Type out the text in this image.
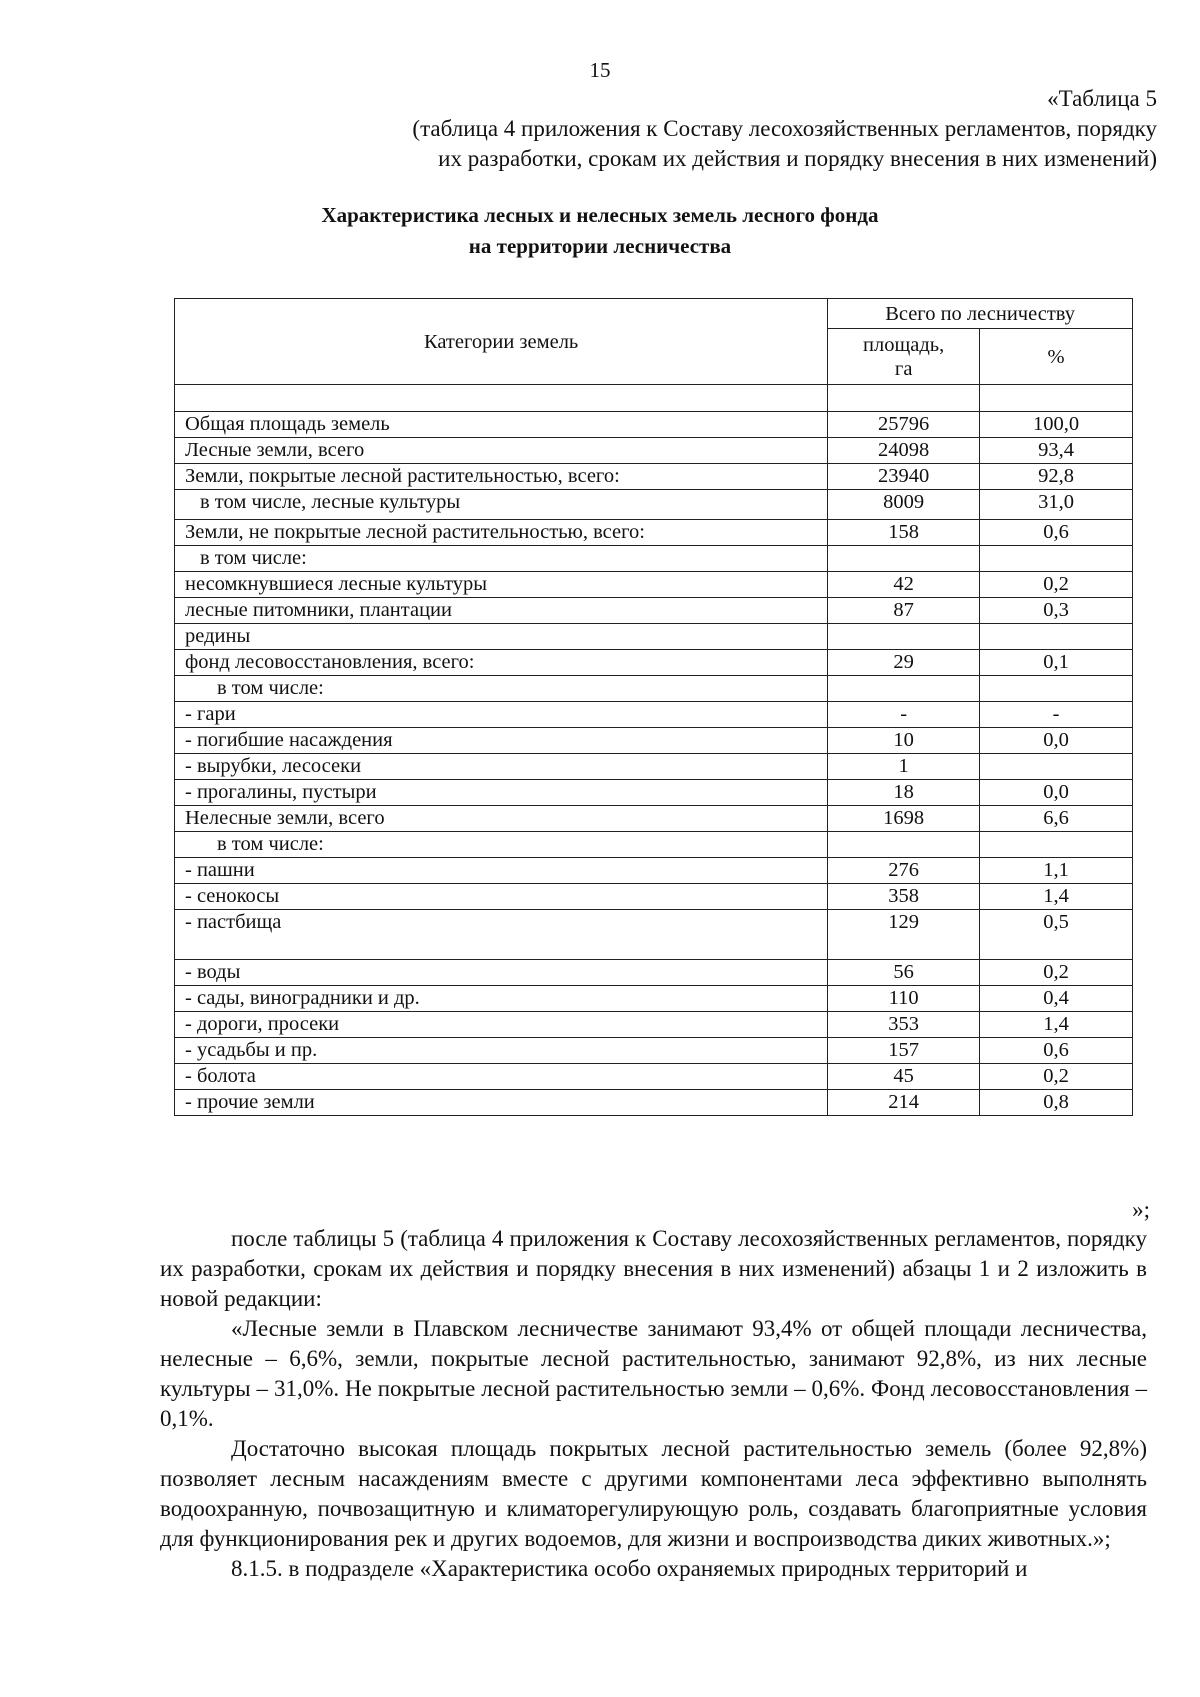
15
«Таблица 5
(таблица 4 приложения к Составу лесохозяйственных регламентов, порядку
их разработки, срокам их действия и порядку внесения в них изменений)
Характеристика лесных и нелесных земель лесного фонда
на территории лесничества
Категории земель	Всего по лесничеству	

	площадь,
га	%

Общая площадь земель	25796	100,0
Лесные земли, всего	24098	93,4
Земли, покрытые лесной растительностью, всего:	23940	92,8
в том числе, лесные культуры	8009	31,0
Земли, не покрытые лесной растительностью, всего:	158	0,6
в том числе:		
несомкнувшиеся лесные культуры	42	0,2
лесные питомники, плантации	87	0,3
редины		
фонд лесовосстановления, всего:	29	0,1
в том числе:		
- гари	-	-
- погибшие насаждения	10	0,0
- вырубки, лесосеки	1	
- прогалины, пустыри	18	0,0
Нелесные земли, всего	1698	6,6
в том числе:		
- пашни	276	1,1
- сенокосы	358	1,4
- пастбища	129	0,5
- воды	56	0,2
- сады, виноградники и др.	110	0,4
- дороги, просеки	353	1,4
- усадьбы и пр.	157	0,6
- болота	45	0,2
- прочие земли	214	0,8
»;

после таблицы 5 (таблица 4 приложения к Составу лесохозяйственных регламентов, порядку их разработки, срокам их действия и порядку внесения в них изменений) абзацы 1 и 2 изложить в новой редакции:

«Лесные земли в Плавском лесничестве занимают 93,4% от общей площади лесничества, нелесные – 6,6%, земли, покрытые лесной растительностью, занимают 92,8%, из них лесные культуры – 31,0%. Не покрытые лесной растительностью земли – 0,6%. Фонд лесовосстановления – 0,1%.

Достаточно высокая площадь покрытых лесной растительностью земель (более 92,8%) позволяет лесным насаждениям вместе с другими компонентами леса эффективно выполнять водоохранную, почвозащитную и климаторегулирующую роль, создавать благоприятные условия для функционирования рек и других водоемов, для жизни и воспроизводства диких животных.»;

8.1.5. в подразделе «Характеристика особо охраняемых природных территорий и
